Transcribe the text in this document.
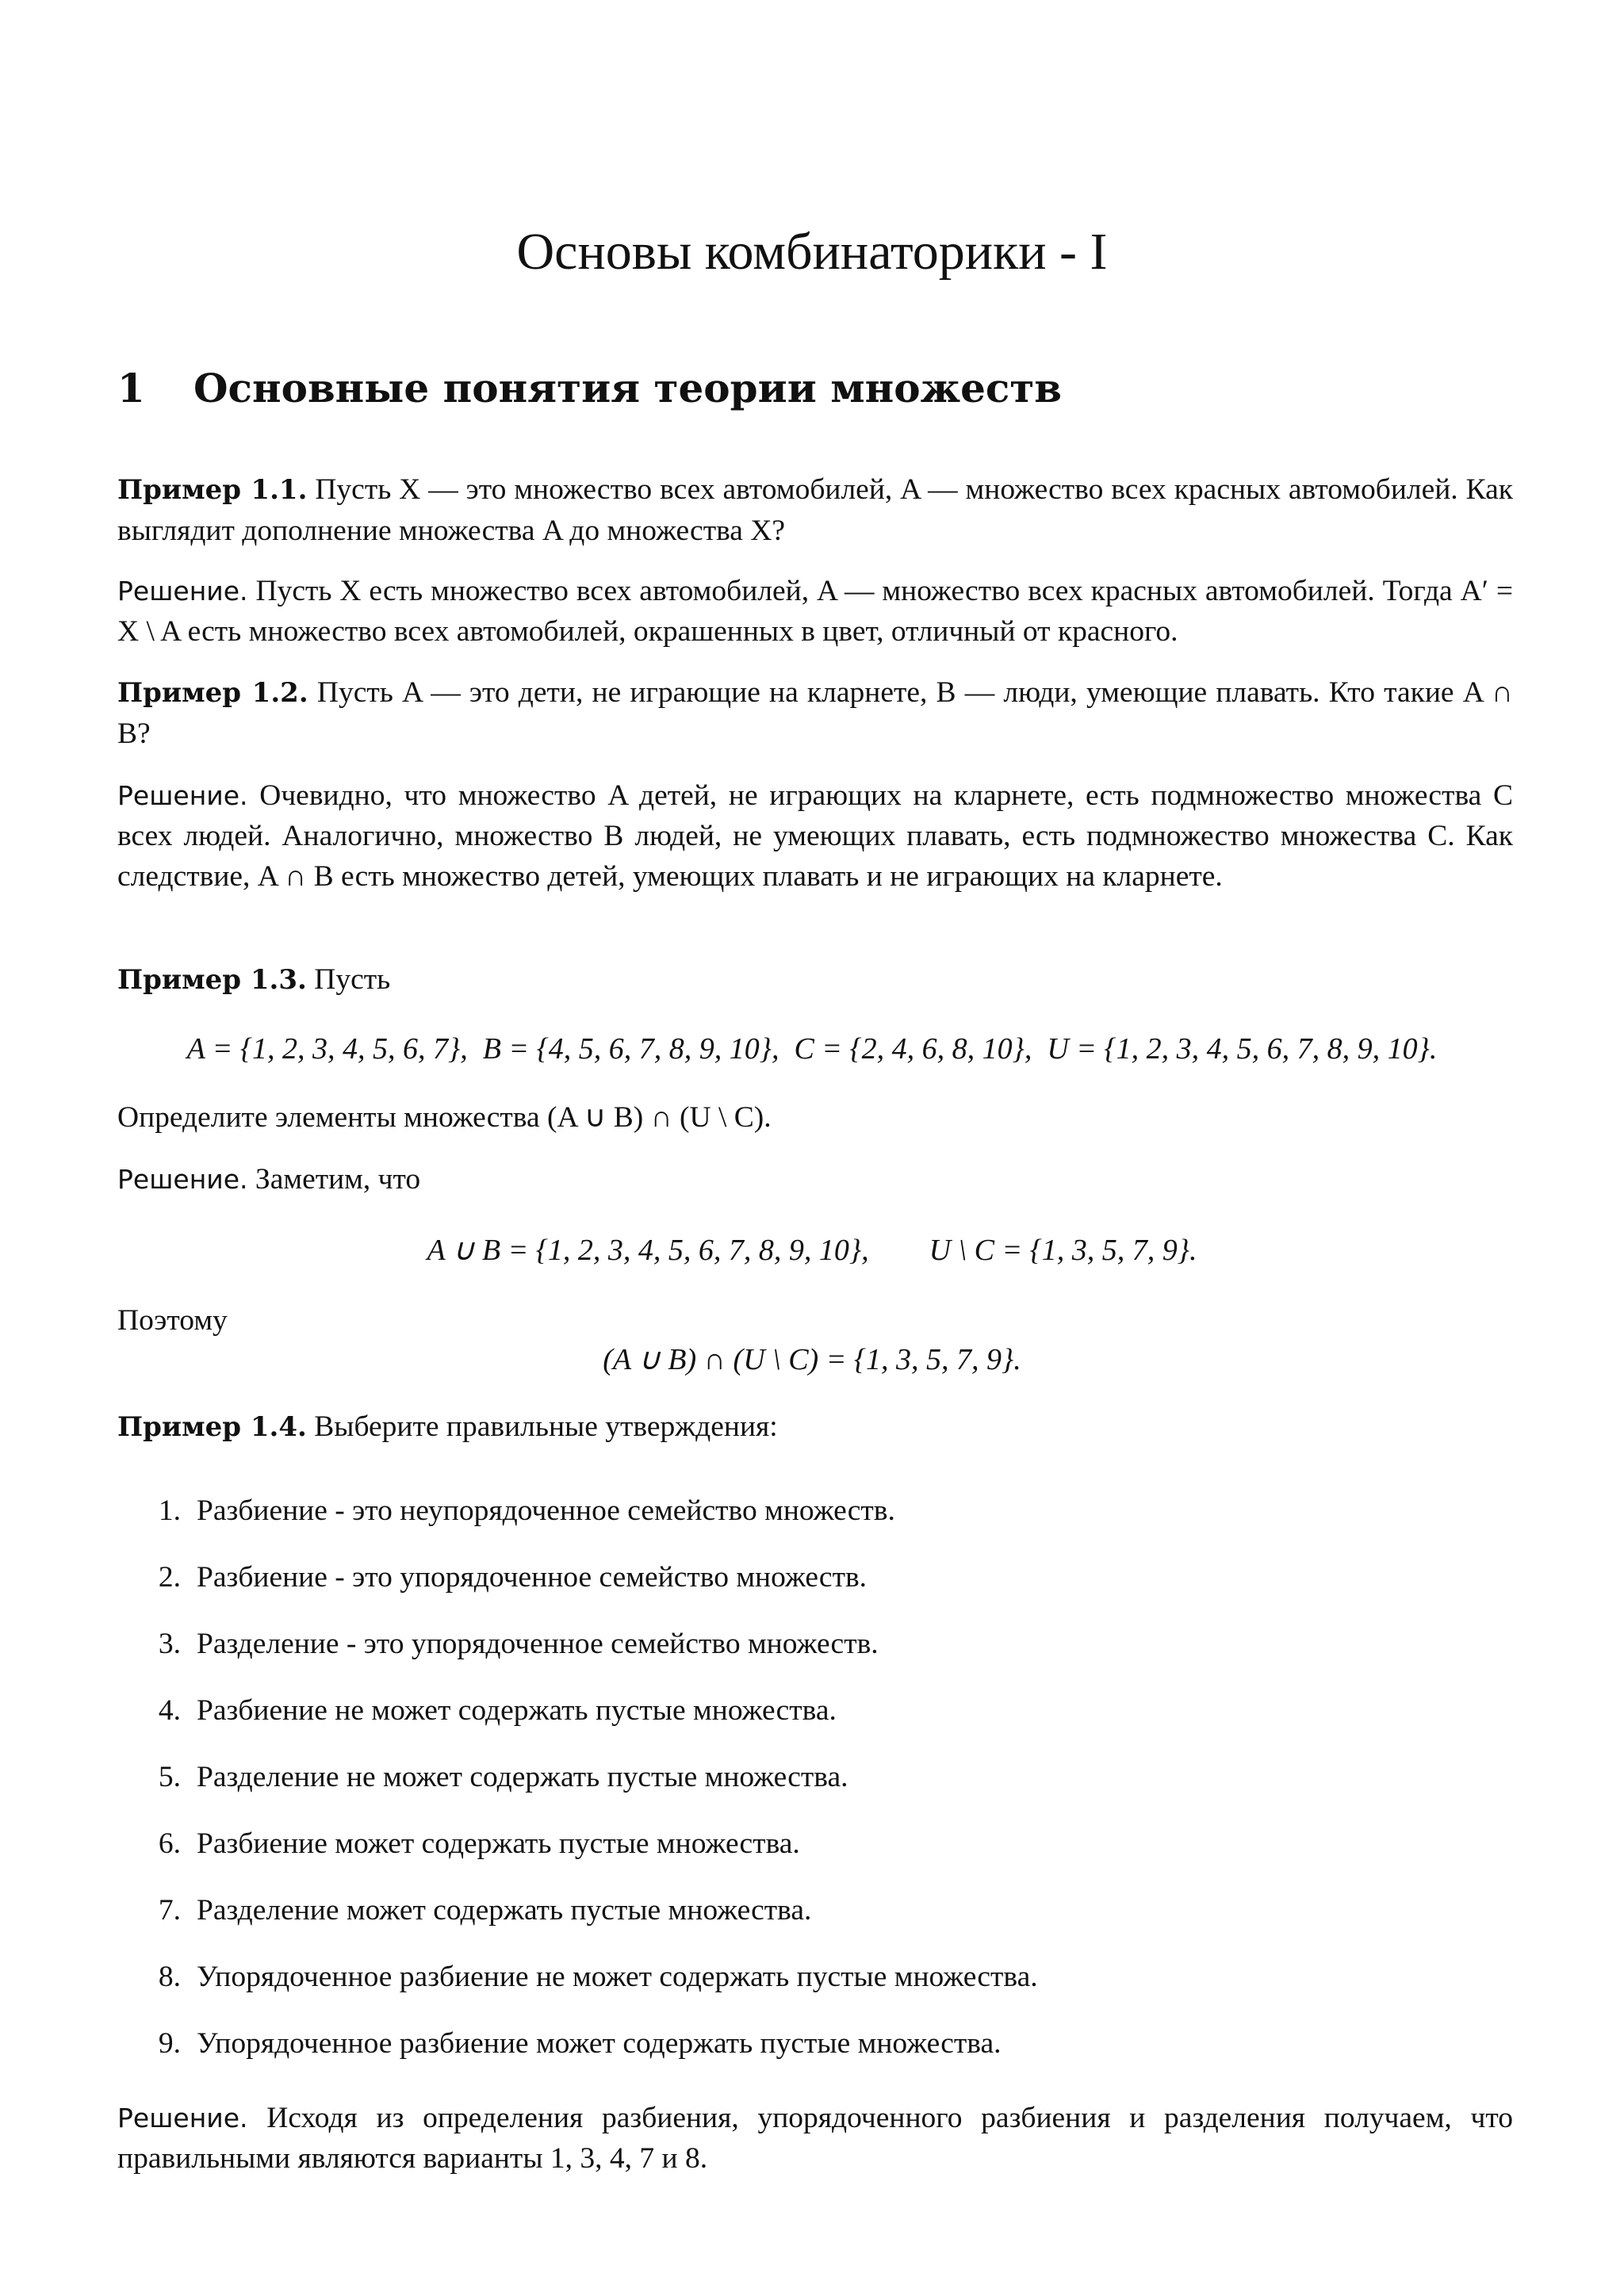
Основы комбинаторики - I
1 Основные понятия теории множеств

Пример 1.1. Пусть X — это множество всех автомобилей, A — множество всех красных автомобилей. Как выглядит дополнение множества A до множества X?

Решение. Пусть X есть множество всех автомобилей, A — множество всех красных автомобилей. Тогда A′ = X \ A есть множество всех автомобилей, окрашенных в цвет, отличный от красного.

Пример 1.2. Пусть A — это дети, не играющие на кларнете, B — люди, умеющие плавать. Кто такие A ∩ B?

Решение. Очевидно, что множество A детей, не играющих на кларнете, есть подмножество множества C всех людей. Аналогично, множество B людей, не умеющих плавать, есть подмножество множества C. Как следствие, A ∩ B есть множество детей, умеющих плавать и не играющих на кларнете.

Пример 1.3. Пусть

A = {1, 2, 3, 4, 5, 6, 7},  B = {4, 5, 6, 7, 8, 9, 10},  C = {2, 4, 6, 8, 10},  U = {1, 2, 3, 4, 5, 6, 7, 8, 9, 10}.

Определите элементы множества (A ∪ B) ∩ (U \ C).

Решение. Заметим, что

A ∪ B = {1, 2, 3, 4, 5, 6, 7, 8, 9, 10},        U \ C = {1, 3, 5, 7, 9}.

Поэтому

(A ∪ B) ∩ (U \ C) = {1, 3, 5, 7, 9}.

Пример 1.4. Выберите правильные утверждения:

1. Разбиение - это неупорядоченное семейство множеств.
2. Разбиение - это упорядоченное семейство множеств.
3. Разделение - это упорядоченное семейство множеств.
4. Разбиение не может содержать пустые множества.
5. Разделение не может содержать пустые множества.
6. Разбиение может содержать пустые множества.
7. Разделение может содержать пустые множества.
8. Упорядоченное разбиение не может содержать пустые множества.
9. Упорядоченное разбиение может содержать пустые множества.

Решение. Исходя из определения разбиения, упорядоченного разбиения и разделения получаем, что правильными являются варианты 1, 3, 4, 7 и 8.
